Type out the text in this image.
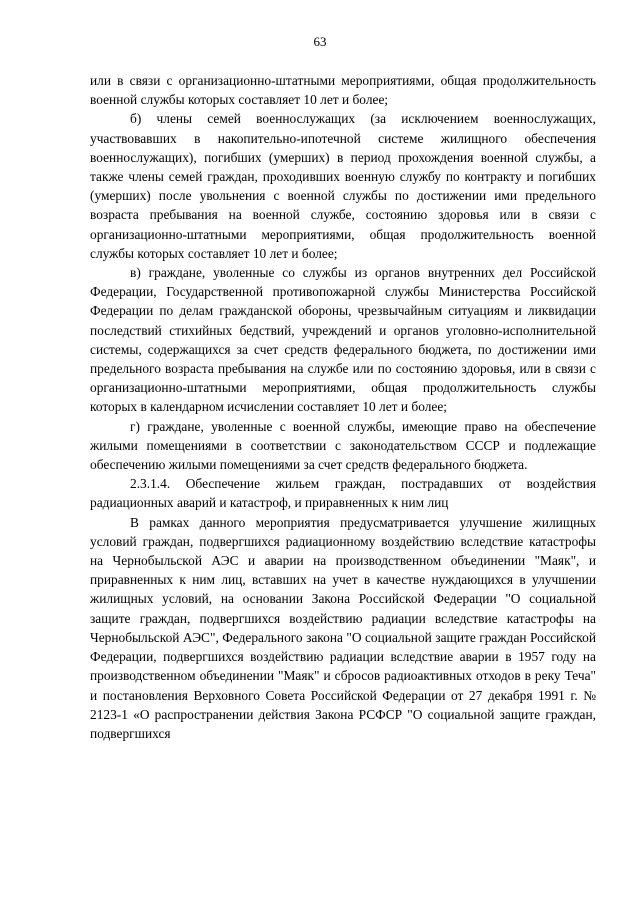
63

или в связи с организационно-штатными мероприятиями, общая продолжительность военной службы которых составляет 10 лет и более;

б) члены семей военнослужащих (за исключением военнослужащих, участвовавших в накопительно-ипотечной системе жилищного обеспечения военнослужащих), погибших (умерших) в период прохождения военной службы, а также члены семей граждан, проходивших военную службу по контракту и погибших (умерших) после увольнения с военной службы по достижении ими предельного возраста пребывания на военной службе, состоянию здоровья или в связи с организационно-штатными мероприятиями, общая продолжительность военной службы которых составляет 10 лет и более;

в) граждане, уволенные со службы из органов внутренних дел Российской Федерации, Государственной противопожарной службы Министерства Российской Федерации по делам гражданской обороны, чрезвычайным ситуациям и ликвидации последствий стихийных бедствий, учреждений и органов уголовно-исполнительной системы, содержащихся за счет средств федерального бюджета, по достижении ими предельного возраста пребывания на службе или по состоянию здоровья, или в связи с организационно-штатными мероприятиями, общая продолжительность службы которых в календарном исчислении составляет 10 лет и более;

г) граждане, уволенные с военной службы, имеющие право на обеспечение жилыми помещениями в соответствии с законодательством СССР и подлежащие обеспечению жилыми помещениями за счет средств федерального бюджета.

2.3.1.4. Обеспечение жильем граждан, пострадавших от воздействия радиационных аварий и катастроф, и приравненных к ним лиц

В рамках данного мероприятия предусматривается улучшение жилищных условий граждан, подвергшихся радиационному воздействию вследствие катастрофы на Чернобыльской АЭС и аварии на производственном объединении "Маяк", и приравненных к ним лиц, вставших на учет в качестве нуждающихся в улучшении жилищных условий, на основании Закона Российской Федерации "О социальной защите граждан, подвергшихся воздействию радиации вследствие катастрофы на Чернобыльской АЭС", Федерального закона "О социальной защите граждан Российской Федерации, подвергшихся воздействию радиации вследствие аварии в 1957 году на производственном объединении "Маяк" и сбросов радиоактивных отходов в реку Теча" и постановления Верховного Совета Российской Федерации от 27 декабря 1991 г. № 2123-1 «О распространении действия Закона РСФСР "О социальной защите граждан, подвергшихся
